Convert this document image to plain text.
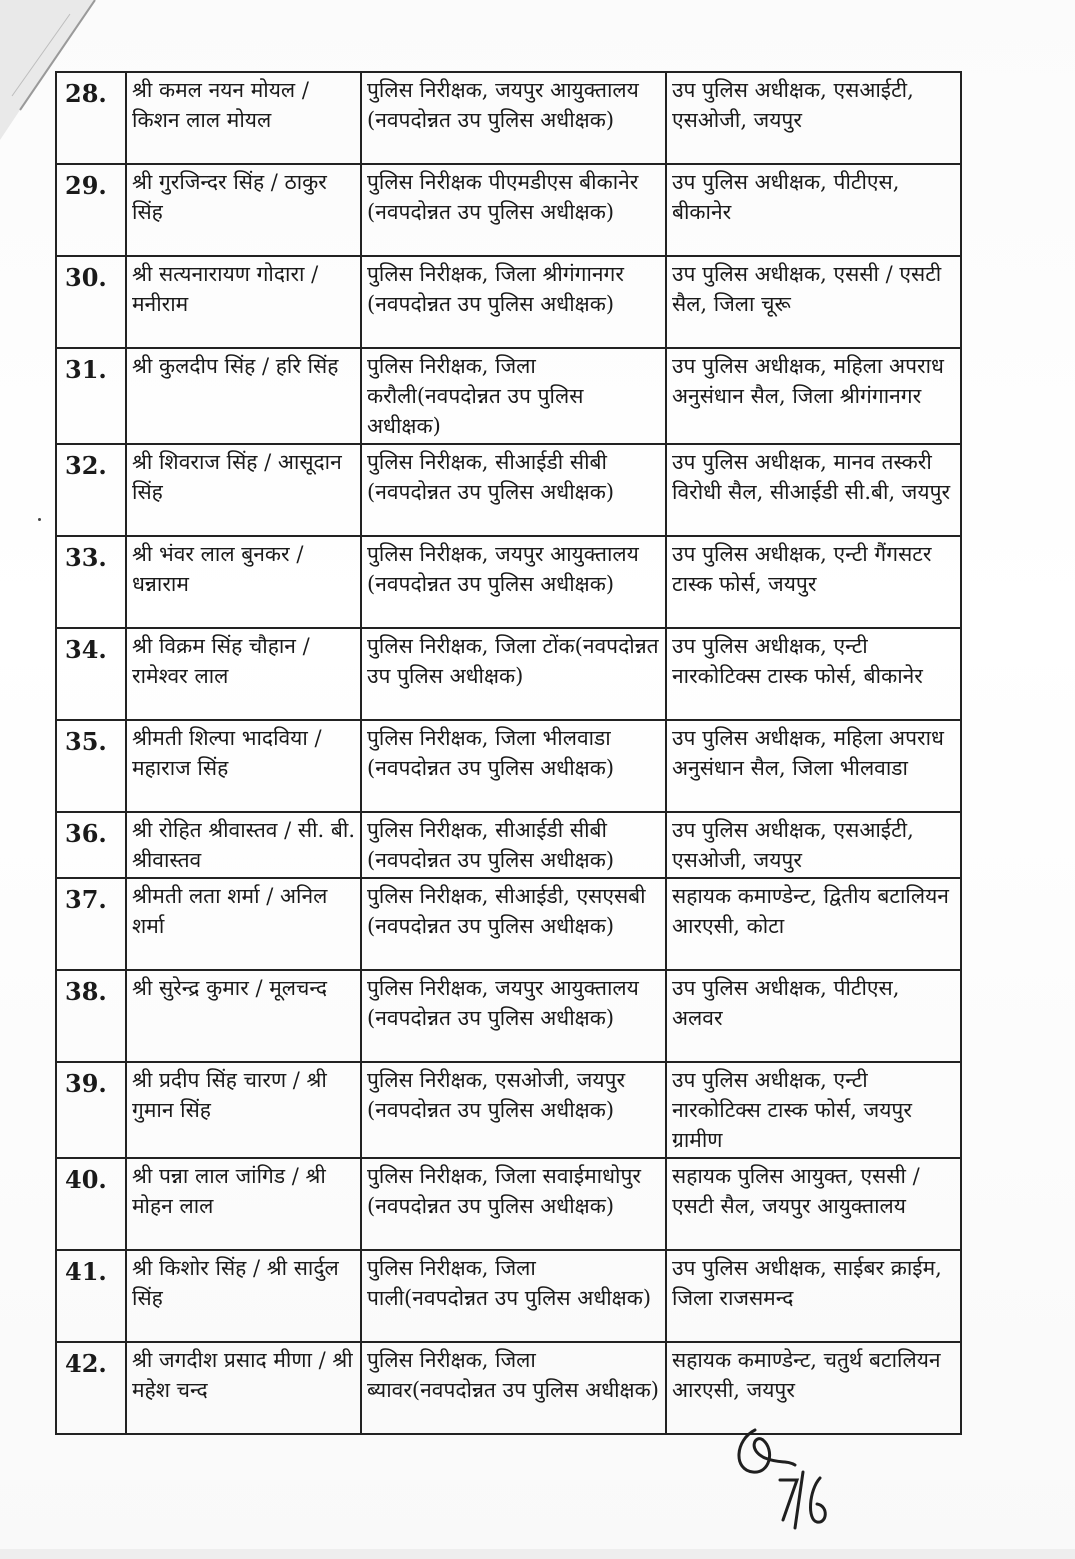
28.	श्री कमल नयन मोयल / किशन लाल मोयल	पुलिस निरीक्षक, जयपुर आयुक्तालय (नवपदोन्नत उप पुलिस अधीक्षक)	उप पुलिस अधीक्षक, एसआईटी, एसओजी, जयपुर
29.	श्री गुरजिन्दर सिंह / ठाकुर सिंह	पुलिस निरीक्षक पीएमडीएस बीकानेर (नवपदोन्नत उप पुलिस अधीक्षक)	उप पुलिस अधीक्षक, पीटीएस, बीकानेर
30.	श्री सत्यनारायण गोदारा / मनीराम	पुलिस निरीक्षक, जिला श्रीगंगानगर (नवपदोन्नत उप पुलिस अधीक्षक)	उप पुलिस अधीक्षक, एससी / एसटी सैल, जिला चूरू
31.	श्री कुलदीप सिंह / हरि सिंह	पुलिस निरीक्षक, जिला करौली(नवपदोन्नत उप पुलिस अधीक्षक)	उप पुलिस अधीक्षक, महिला अपराध अनुसंधान सैल, जिला श्रीगंगानगर
32.	श्री शिवराज सिंह / आसूदान सिंह	पुलिस निरीक्षक, सीआईडी सीबी (नवपदोन्नत उप पुलिस अधीक्षक)	उप पुलिस अधीक्षक, मानव तस्करी विरोधी सैल, सीआईडी सी.बी, जयपुर
33.	श्री भंवर लाल बुनकर / धन्नाराम	पुलिस निरीक्षक, जयपुर आयुक्तालय (नवपदोन्नत उप पुलिस अधीक्षक)	उप पुलिस अधीक्षक, एन्टी गैंगसटर टास्क फोर्स, जयपुर
34.	श्री विक्रम सिंह चौहान / रामेश्वर लाल	पुलिस निरीक्षक, जिला टोंक(नवपदोन्नत उप पुलिस अधीक्षक)	उप पुलिस अधीक्षक, एन्टी नारकोटिक्स टास्क फोर्स, बीकानेर
35.	श्रीमती शिल्पा भादविया / महाराज सिंह	पुलिस निरीक्षक, जिला भीलवाडा (नवपदोन्नत उप पुलिस अधीक्षक)	उप पुलिस अधीक्षक, महिला अपराध अनुसंधान सैल, जिला भीलवाडा
36.	श्री रोहित श्रीवास्तव / सी. बी. श्रीवास्तव	पुलिस निरीक्षक, सीआईडी सीबी (नवपदोन्नत उप पुलिस अधीक्षक)	उप पुलिस अधीक्षक, एसआईटी, एसओजी, जयपुर
37.	श्रीमती लता शर्मा / अनिल शर्मा	पुलिस निरीक्षक, सीआईडी, एसएसबी (नवपदोन्नत उप पुलिस अधीक्षक)	सहायक कमाण्डेन्ट, द्वितीय बटालियन आरएसी, कोटा
38.	श्री सुरेन्द्र कुमार / मूलचन्द	पुलिस निरीक्षक, जयपुर आयुक्तालय (नवपदोन्नत उप पुलिस अधीक्षक)	उप पुलिस अधीक्षक, पीटीएस, अलवर
39.	श्री प्रदीप सिंह चारण / श्री गुमान सिंह	पुलिस निरीक्षक, एसओजी, जयपुर (नवपदोन्नत उप पुलिस अधीक्षक)	उप पुलिस अधीक्षक, एन्टी नारकोटिक्स टास्क फोर्स, जयपुर ग्रामीण
40.	श्री पन्ना लाल जांगिड / श्री मोहन लाल	पुलिस निरीक्षक, जिला सवाईमाधोपुर (नवपदोन्नत उप पुलिस अधीक्षक)	सहायक पुलिस आयुक्त, एससी / एसटी सैल, जयपुर आयुक्तालय
41.	श्री किशोर सिंह / श्री सार्दुल सिंह	पुलिस निरीक्षक, जिला पाली(नवपदोन्नत उप पुलिस अधीक्षक)	उप पुलिस अधीक्षक, साईबर क्राईम, जिला राजसमन्द
42.	श्री जगदीश प्रसाद मीणा / श्री महेश चन्द	पुलिस निरीक्षक, जिला ब्यावर(नवपदोन्नत उप पुलिस अधीक्षक)	सहायक कमाण्डेन्ट, चतुर्थ बटालियन आरएसी, जयपुर
